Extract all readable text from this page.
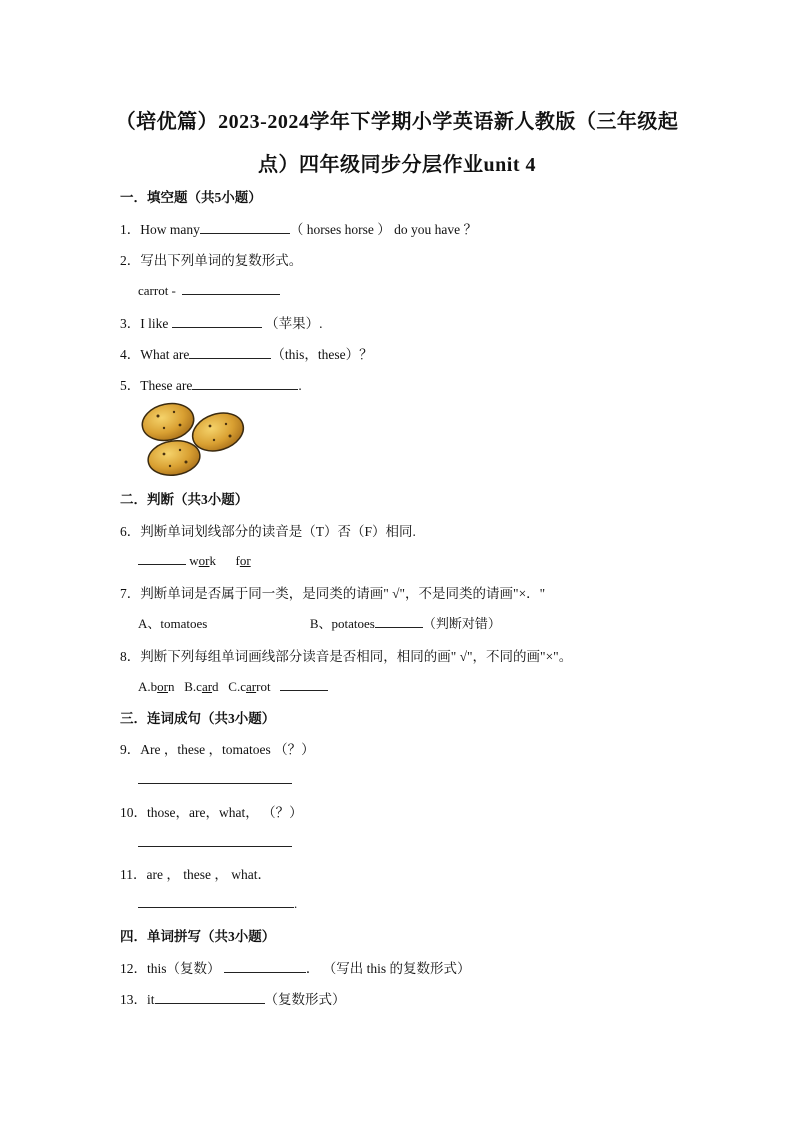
（培优篇）2023-2024学年下学期小学英语新人教版（三年级起
点）四年级同步分层作业unit 4
一．填空题（共5小题）
1．How many	（ horses horse ） do you have ？
2．写出下列单词的复数形式。
carrot -
3．I like	（苹果）.
4．What are	（this，these）？
5．These are	.
二．判断（共3小题）
6．判断单词划线部分的读音是（T）否（F）相同.
work for
7．判断单词是否属于同一类，是同类的请画" √"，不是同类的请画"×．"
A、tomatoes	B、potatoes	（判断对错）
8．判断下列每组单词画线部分读音是否相同，相同的画" √"，不同的画"×"。
A.born B.card C.carrot
三．连词成句（共3小题）
9．Are ，these ，tomatoes （？）
10．those，are，what， （？）
11．are ， these ， what．
.
四．单词拼写（共3小题）
12．this（复数）	． （写出 this 的复数形式）
13．it	（复数形式）
